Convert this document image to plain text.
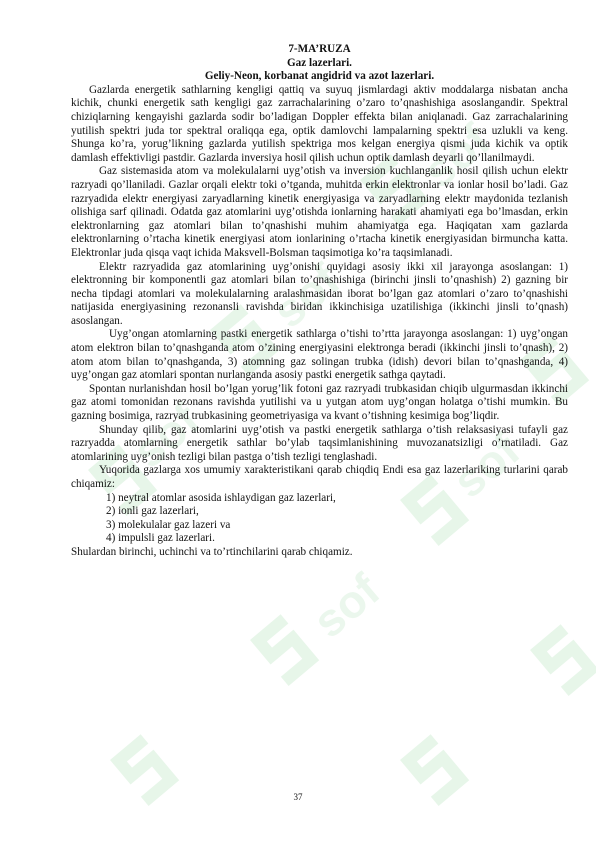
sof
sof
sof
sof
sof

7-MA’RUZA

Gaz lazerlari.

Geliy-Neon, korbanat angidrid va azot lazerlari.

Gazlarda energetik sathlarning kengligi qattiq va suyuq jismlardagi aktiv moddalarga nisbatan ancha kichik, chunki energetik sath kengligi gaz zarrachalarining o’zaro to’qnashishiga asoslangandir. Spektral chiziqlarning kengayishi gazlarda sodir bo’ladigan Doppler effekta bilan aniqlanadi. Gaz zarrachalarining yutilish spektri juda tor spektral oraliqqa ega, optik damlovchi lampalarning spektri esa uzlukli va keng. Shunga ko’ra, yorug’likning gazlarda yutilish spektriga mos kelgan energiya qismi juda kichik va optik damlash effektivligi pastdir. Gazlarda inversiya hosil qilish uchun optik damlash deyarli qo’llanilmaydi.

Gaz sistemasida atom va molekulalarni uyg’otish va inversion kuchlanganlik hosil qilish uchun elektr razryadi qo’llaniladi. Gazlar orqali elektr toki o’tganda, muhitda erkin elektronlar va ionlar hosil bo’ladi. Gaz razryadida elektr energiyasi zaryadlarning kinetik energiyasiga va zaryadlarning elektr maydonida tezlanish olishiga sarf qilinadi. Odatda gaz atomlarini uyg’otishda ionlarning harakati ahamiyati ega bo’lmasdan, erkin elektronlarning gaz atomlari bilan to’qnashishi muhim ahamiyatga ega. Haqiqatan xam gazlarda elektronlarning o’rtacha kinetik energiyasi atom ionlarining o’rtacha kinetik energiyasidan birmuncha katta. Elektronlar juda qisqa vaqt ichida Maksvell-Bolsman taqsimotiga ko’ra taqsimlanadi.

Elektr razryadida gaz atomlarining uyg’onishi quyidagi asosiy ikki xil jarayonga asoslangan: 1) elektronning bir komponentli gaz atomlari bilan to’qnashishiga (birinchi jinsli to’qnashish) 2) gazning bir necha tipdagi atomlari va molekulalarning aralashmasidan iborat bo’lgan gaz atomlari o’zaro to’qnashishi natijasida energiyasining rezonansli ravishda biridan ikkinchisiga uzatilishiga (ikkinchi jinsli to’qnash) asoslangan.

Uyg’ongan atomlarning pastki energetik sathlarga o’tishi to’rtta jarayonga asoslangan: 1) uyg’ongan atom elektron bilan to’qnashganda atom o’zining energiyasini elektronga beradi (ikkinchi jinsli to’qnash), 2) atom atom bilan to’qnashganda, 3) atomning gaz solingan trubka (idish) devori bilan to’qnashganda, 4) uyg’ongan gaz atomlari spontan nurlanganda asosiy pastki energetik sathga qaytadi.

Spontan nurlanishdan hosil bo’lgan yorug’lik fotoni gaz razryadi trubkasidan chiqib ulgurmasdan ikkinchi gaz atomi tomonidan rezonans ravishda yutilishi va u yutgan atom uyg’ongan holatga o’tishi mumkin. Bu gazning bosimiga, razryad trubkasining geometriyasiga va kvant o’tishning kesimiga bog’liqdir.

Shunday qilib, gaz atomlarini uyg’otish va pastki energetik sathlarga o’tish relaksasiyasi tufayli gaz razryadda atomlarning energetik sathlar bo’ylab taqsimlanishining muvozanatsizligi o’rnatiladi. Gaz atomlarining uyg’onish tezligi bilan pastga o’tish tezligi tenglashadi.

Yuqorida gazlarga xos umumiy xarakteristikani qarab chiqdiq Endi esa gaz lazerlariking turlarini qarab chiqamiz:

1) neytral atomlar asosida ishlaydigan gaz lazerlari,
2) ionli gaz lazerlari,
3) molekulalar gaz lazeri va
4) impulsli gaz lazerlari.

Shulardan birinchi, uchinchi va to’rtinchilarini qarab chiqamiz.

37
